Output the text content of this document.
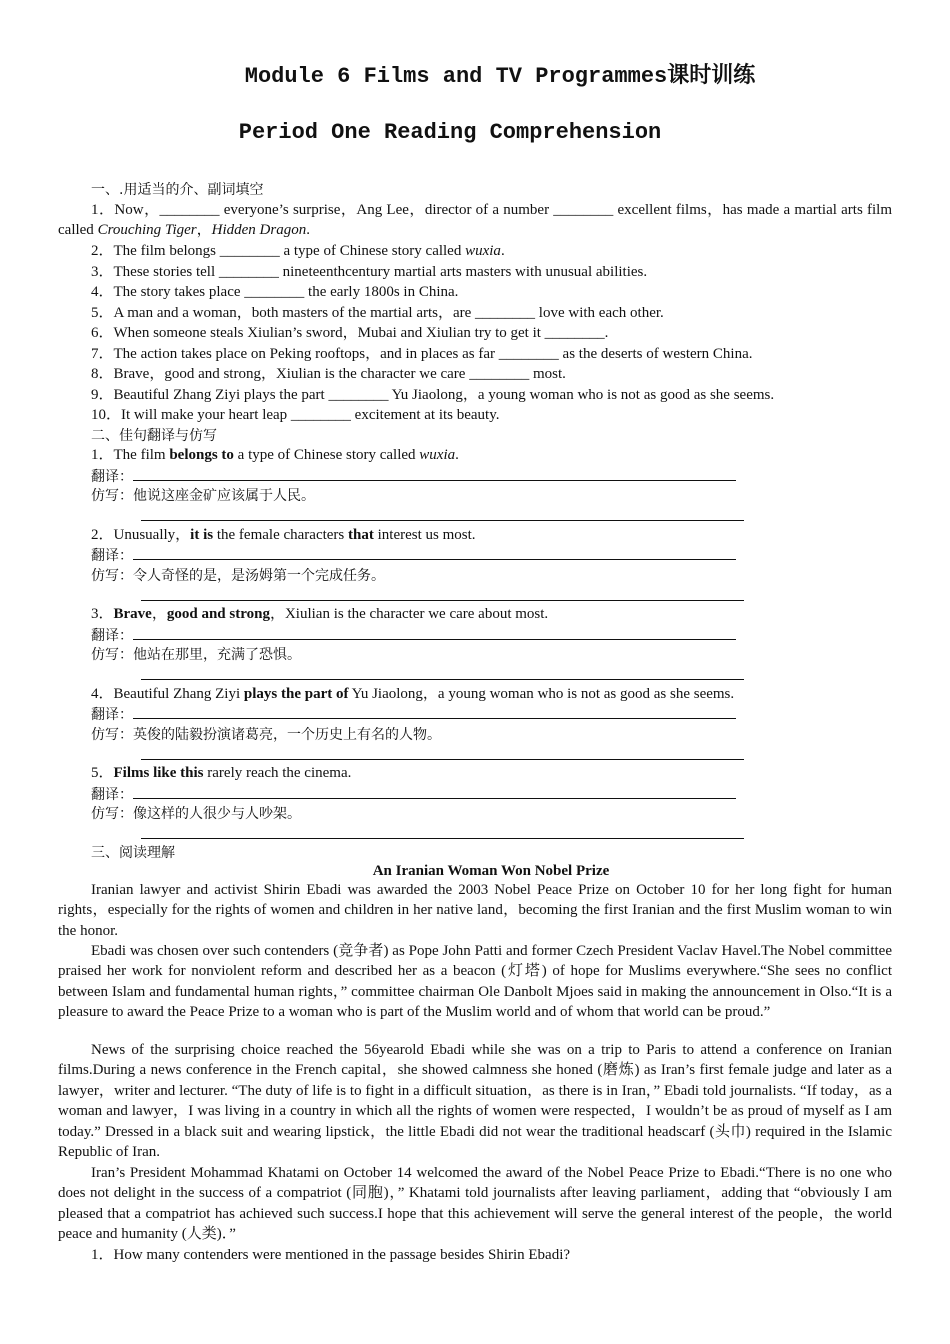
Module 6 Films and TV Programmes课时训练
Period One Reading Comprehension
一、.用适当的介、副词填空
1．Now，________ everyone’s surprise，Ang Lee，director of a number ________ excellent films，has made a martial arts film called Crouching Tiger，Hidden Dragon.
2．The film belongs ________ a type of Chinese story called wuxia.
3．These stories tell ________ nineteenthcentury martial arts masters with unusual abilities.
4．The story takes place ________ the early 1800s in China.
5．A man and a woman，both masters of the martial arts，are ________ love with each other.
6．When someone steals Xiulian’s sword，Mubai and Xiulian try to get it ________.
7．The action takes place on Peking rooftops，and in places as far ________ as the deserts of western China.
8．Brave，good and strong，Xiulian is the character we care ________ most.
9．Beautiful Zhang Ziyi plays the part ________ Yu Jiaolong，a young woman who is not as good as she seems.
10．It will make your heart leap ________ excitement at its beauty.
二、佳句翻译与仿写
1．The film belongs to a type of Chinese story called wuxia.
翻译：
仿写：他说这座金矿应该属于人民。
2．Unusually，it is the female characters that interest us most.
翻译：
仿写：令人奇怪的是，是汤姆第一个完成任务。
3．Brave，good and strong，Xiulian is the character we care about most.
翻译：
仿写：他站在那里，充满了恐惧。
4．Beautiful Zhang Ziyi plays the part of Yu Jiaolong，a young woman who is not as good as she seems.
翻译：
仿写：英俊的陆毅扮演诸葛亮，一个历史上有名的人物。
5．Films like this rarely reach the cinema.
翻译：
仿写：像这样的人很少与人吵架。
三、阅读理解
An Iranian Woman Won Nobel Prize
Iranian lawyer and activist Shirin Ebadi was awarded the 2003 Nobel Peace Prize on October 10 for her long fight for human rights，especially for the rights of women and children in her native land，becoming the first Iranian and the first Muslim woman to win the honor.
Ebadi was chosen over such contenders (竞争者) as Pope John Patti and former Czech President Vaclav Havel.The Nobel committee praised her work for nonviolent reform and described her as a beacon (灯塔) of hope for Muslims everywhere.“She sees no conflict between Islam and fundamental human rights，” committee chairman Ole Danbolt Mjoes said in making the announcement in Olso.“It is a pleasure to award the Peace Prize to a woman who is part of the Muslim world and of whom that world can be proud.”
News of the surprising choice reached the 56yearold Ebadi while she was on a trip to Paris to attend a conference on Iranian films.During a news conference in the French capital，she showed calmness she honed (磨炼) as Iran’s first female judge and later as a lawyer，writer and lecturer. “The duty of life is to fight in a difficult situation，as there is in Iran，” Ebadi told journalists. “If today，as a woman and lawyer，I was living in a country in which all the rights of women were respected，I wouldn’t be as proud of myself as I am today.” Dressed in a black suit and wearing lipstick，the little Ebadi did not wear the traditional headscarf (头巾) required in the Islamic Republic of Iran.
Iran’s President Mohammad Khatami on October 14 welcomed the award of the Nobel Peace Prize to Ebadi.“There is no one who does not delight in the success of a compatriot (同胞)，” Khatami told journalists after leaving parliament，adding that “obviously I am pleased that a compatriot has achieved such success.I hope that this achievement will serve the general interest of the people，the world peace and humanity (人类)．”
1．How many contenders were mentioned in the passage besides Shirin Ebadi?
